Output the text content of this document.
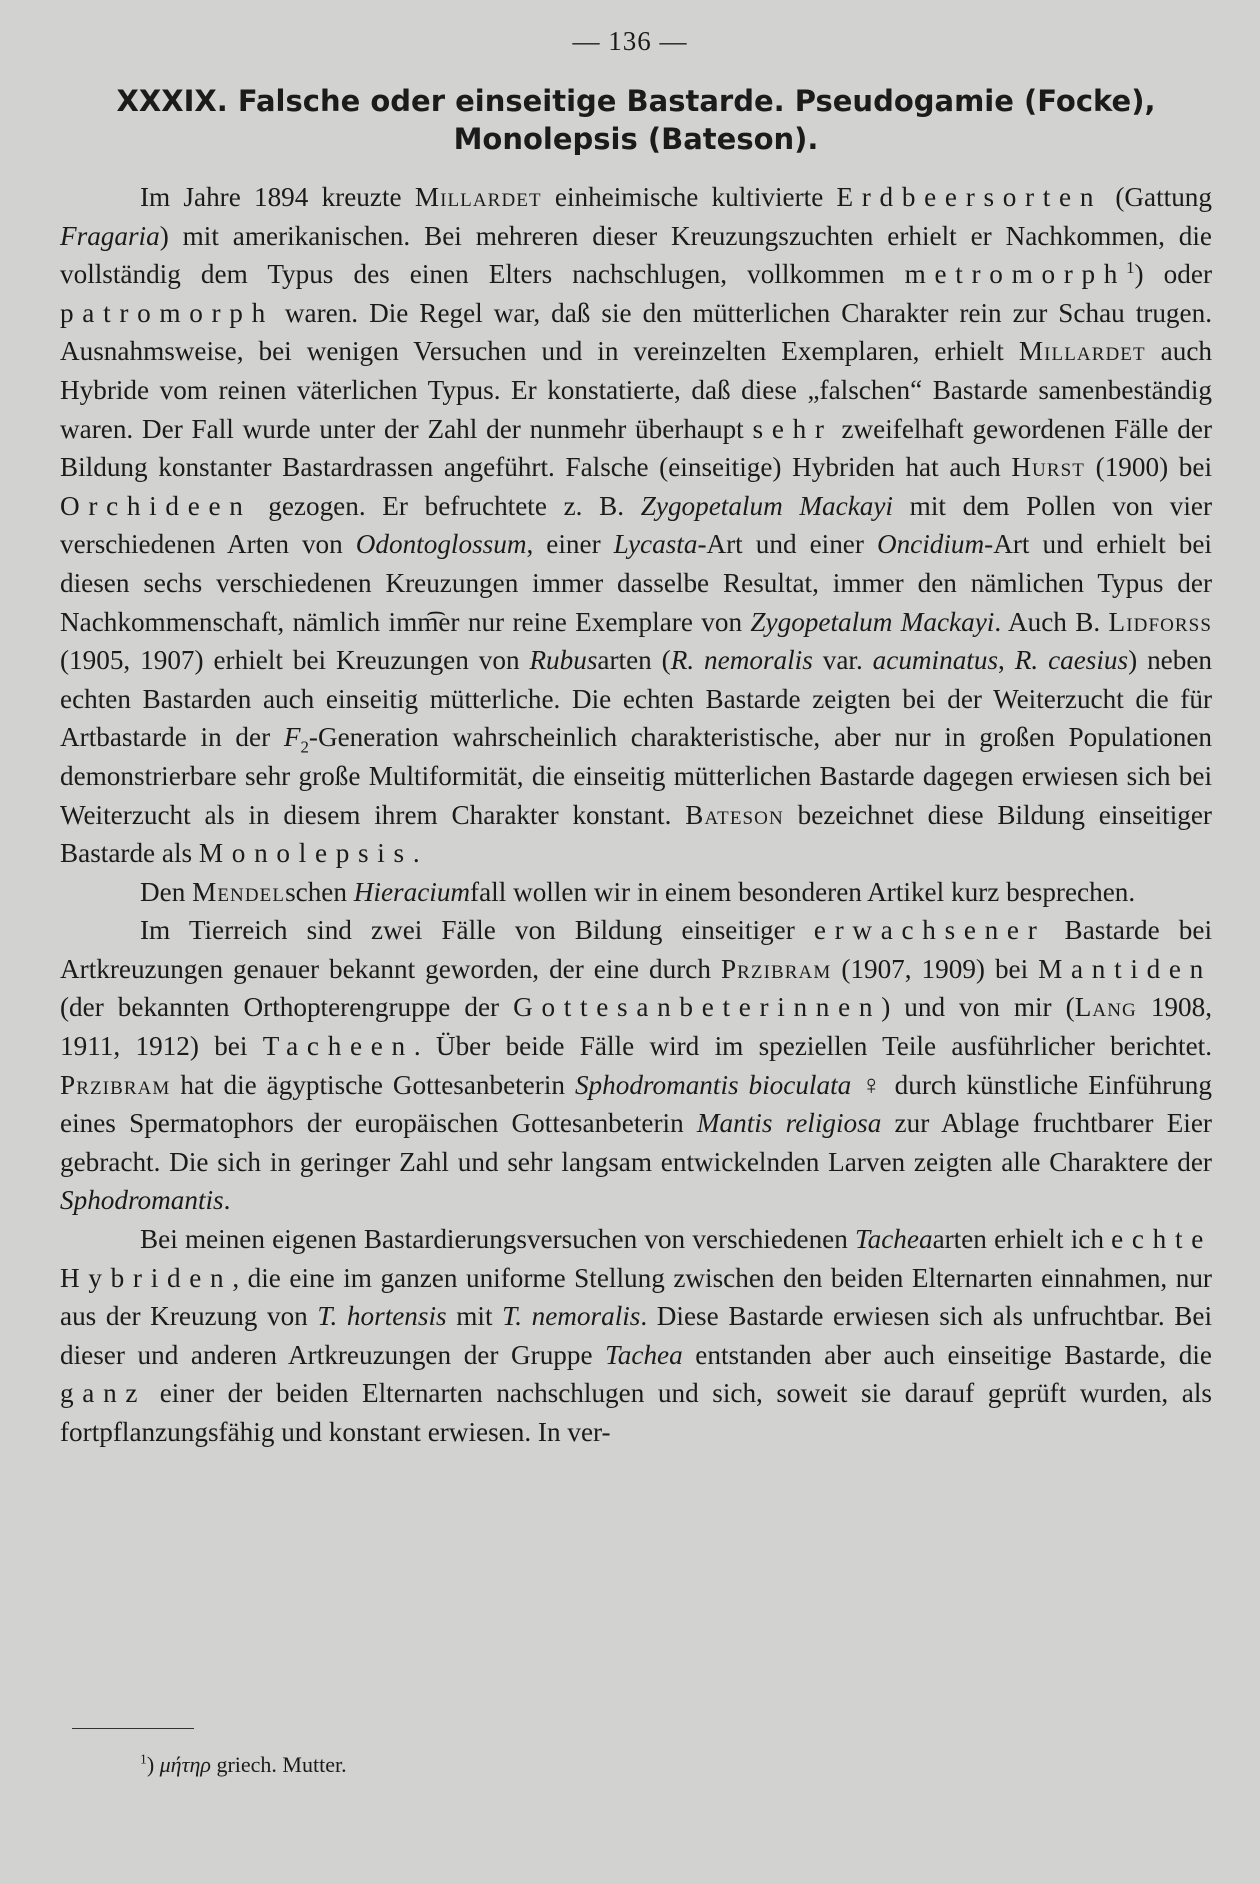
— 136 —
XXXIX. Falsche oder einseitige Bastarde. Pseudogamie (Focke),
Monolepsis (Bateson).

Im Jahre 1894 kreuzte Millardet einheimische kultivierte Erdbeersorten (Gattung Fragaria) mit amerikanischen. Bei mehreren dieser Kreuzungszuchten erhielt er Nachkommen, die vollständig dem Typus des einen Elters nachschlugen, vollkommen metromorph$^1$) oder patromorph waren. Die Regel war, daß sie den mütterlichen Charakter rein zur Schau trugen. Ausnahmsweise, bei wenigen Versuchen und in vereinzelten Exemplaren, erhielt Millardet auch Hybride vom reinen väterlichen Typus. Er konstatierte, daß diese „falschen“ Bastarde samenbeständig waren. Der Fall wurde unter der Zahl der nunmehr überhaupt sehr zweifelhaft gewordenen Fälle der Bildung konstanter Bastardrassen angeführt. Falsche (einseitige) Hybriden hat auch Hurst (1900) bei Orchideen gezogen. Er befruchtete z. B. Zygopetalum Mackayi mit dem Pollen von vier verschiedenen Arten von Odontoglossum, einer Lycasta-Art und einer Oncidium-Art und erhielt bei diesen sechs verschiedenen Kreuzungen immer dasselbe Resultat, immer den nämlichen Typus der Nachkommenschaft, nämlich imm͡er nur reine Exemplare von Zygopetalum Mackayi. Auch B. Lidforss (1905, 1907) erhielt bei Kreuzungen von Rubusarten (R. nemoralis var. acuminatus, R. caesius) neben echten Bastarden auch einseitig mütterliche. Die echten Bastarde zeigten bei der Weiterzucht die für Artbastarde in der $F_2$-Generation wahrscheinlich charakteristische, aber nur in großen Populationen demonstrierbare sehr große Multiformität, die einseitig mütterlichen Bastarde dagegen erwiesen sich bei Weiterzucht als in diesem ihrem Charakter konstant. Bateson bezeichnet diese Bildung einseitiger Bastarde als Monolepsis.

Den Mendelschen Hieraciumfall wollen wir in einem besonderen Artikel kurz besprechen.

Im Tierreich sind zwei Fälle von Bildung einseitiger erwachsener Bastarde bei Artkreuzungen genauer bekannt geworden, der eine durch Przibram (1907, 1909) bei Mantiden (der bekannten Orthopterengruppe der Gottesanbeterinnen) und von mir (Lang 1908, 1911, 1912) bei Tacheen. Über beide Fälle wird im speziellen Teile ausführlicher berichtet. Przibram hat die ägyptische Gottesanbeterin Sphodromantis bioculata ♀ durch künstliche Einführung eines Spermatophors der europäischen Gottesanbeterin Mantis religiosa zur Ablage fruchtbarer Eier gebracht. Die sich in geringer Zahl und sehr langsam entwickelnden Larven zeigten alle Charaktere der Sphodromantis.

Bei meinen eigenen Bastardierungsversuchen von verschiedenen Tacheaarten erhielt ich echte Hybriden, die eine im ganzen uniforme Stellung zwischen den beiden Elternarten einnahmen, nur aus der Kreuzung von T. hortensis mit T. nemoralis. Diese Bastarde erwiesen sich als unfruchtbar. Bei dieser und anderen Artkreuzungen der Gruppe Tachea entstanden aber auch einseitige Bastarde, die ganz einer der beiden Elternarten nachschlugen und sich, soweit sie darauf geprüft wurden, als fortpflanzungsfähig und konstant erwiesen. In ver-

$^1$) μήτηρ griech. Mutter.
